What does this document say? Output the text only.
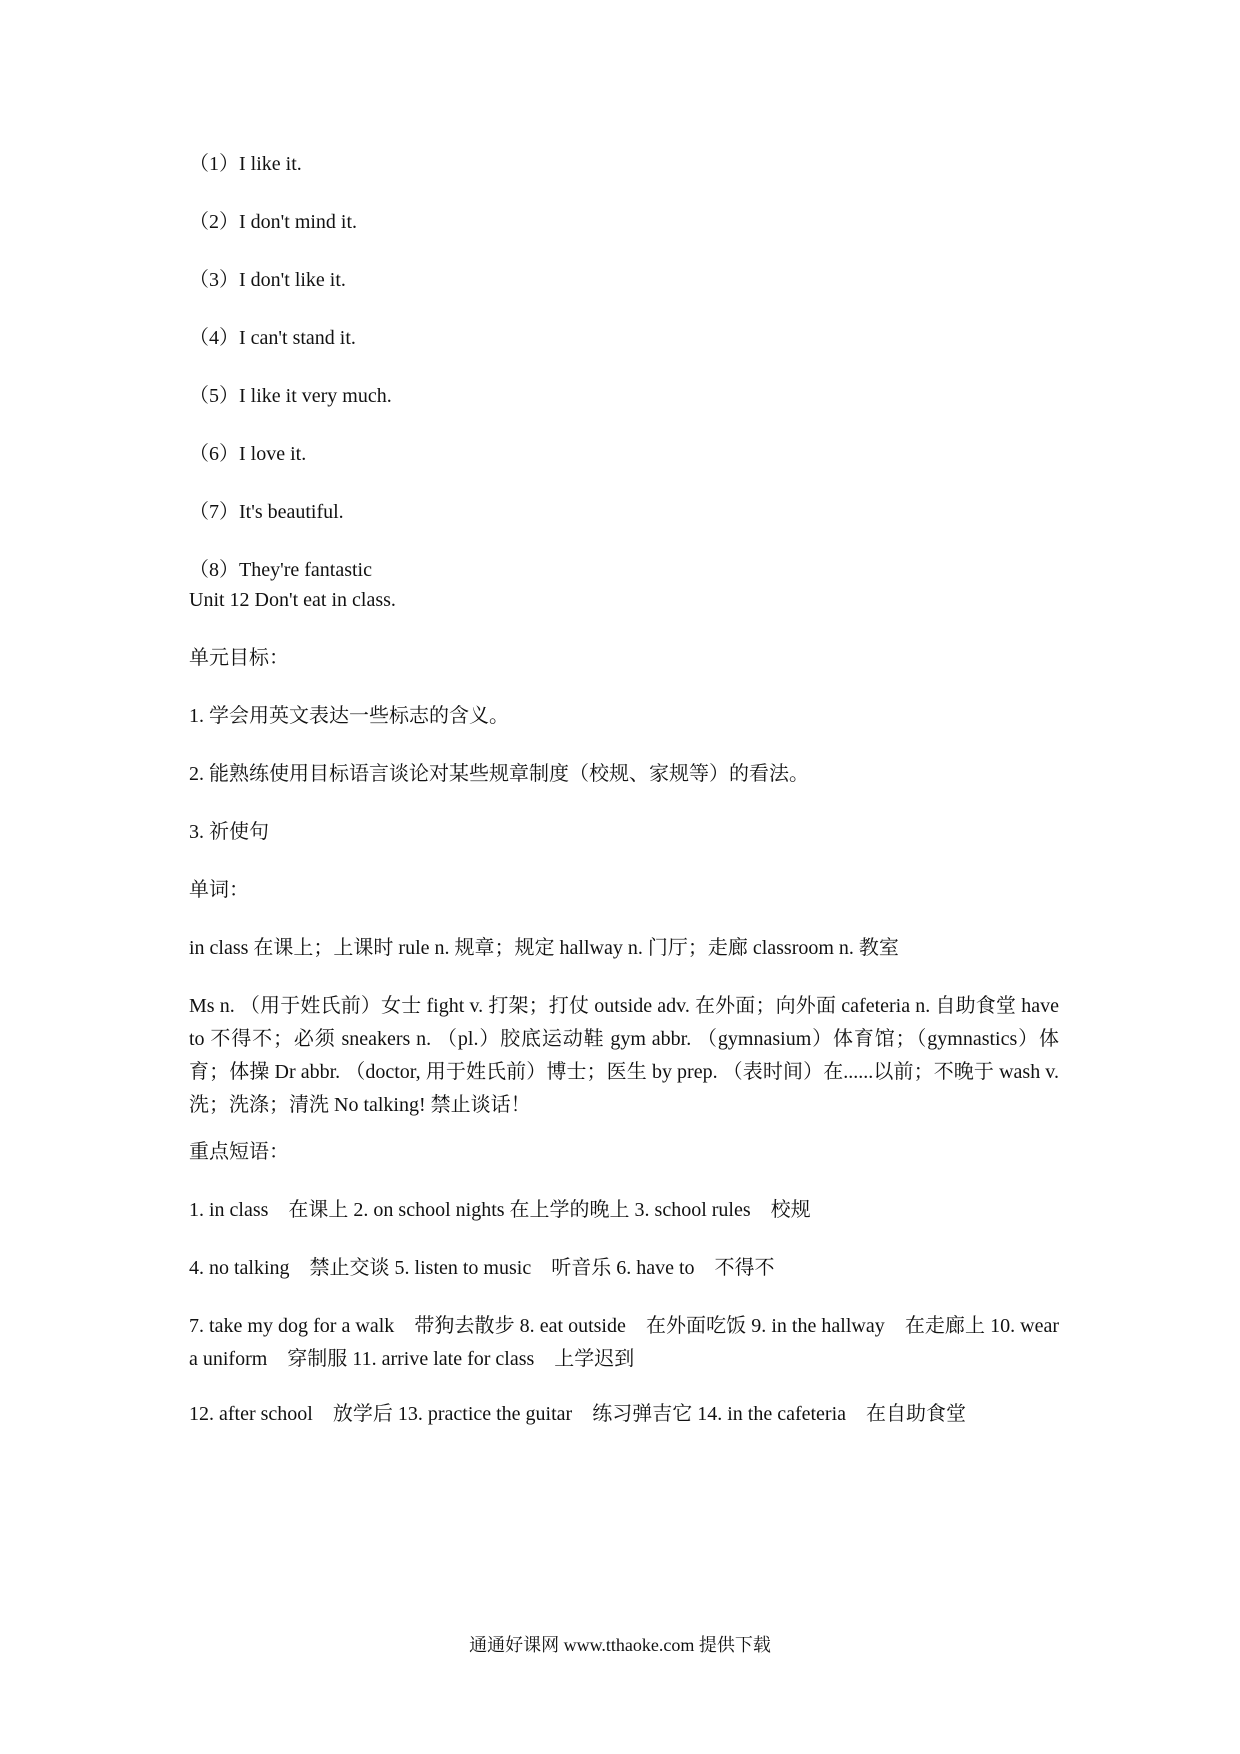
（1）I like it.
（2）I don't mind it.
（3）I don't like it.
（4）I can't stand it.
（5）I like it very much.
（6）I love it.
（7）It's beautiful.
（8）They're fantastic
Unit 12 Don't eat in class.
单元目标：
1. 学会用英文表达一些标志的含义。
2. 能熟练使用目标语言谈论对某些规章制度（校规、家规等）的看法。
3. 祈使句
单词：
in class 在课上；上课时 rule n. 规章；规定 hallway n. 门厅；走廊 classroom n. 教室
Ms n. （用于姓氏前）女士 fight v. 打架；打仗 outside adv. 在外面；向外面 cafeteria n. 自助食堂 have to 不得不；必须 sneakers n. （pl.）胶底运动鞋 gym abbr. （gymnasium）体育馆；（gymnastics）体育；体操 Dr abbr. （doctor, 用于姓氏前）博士；医生 by prep. （表时间）在......以前；不晚于 wash v. 洗；洗涤；清洗 No talking! 禁止谈话！
重点短语：
1. in class　在课上 2. on school nights 在上学的晚上 3. school rules　校规
4. no talking　禁止交谈 5. listen to music　听音乐 6. have to　不得不
7. take my dog for a walk　带狗去散步 8. eat outside　在外面吃饭 9. in the hallway　在走廊上 10. wear a uniform　穿制服 11. arrive late for class　上学迟到
12. after school　放学后 13. practice the guitar　练习弹吉它 14. in the cafeteria　在自助食堂
通通好课网 www.tthaoke.com 提供下载
